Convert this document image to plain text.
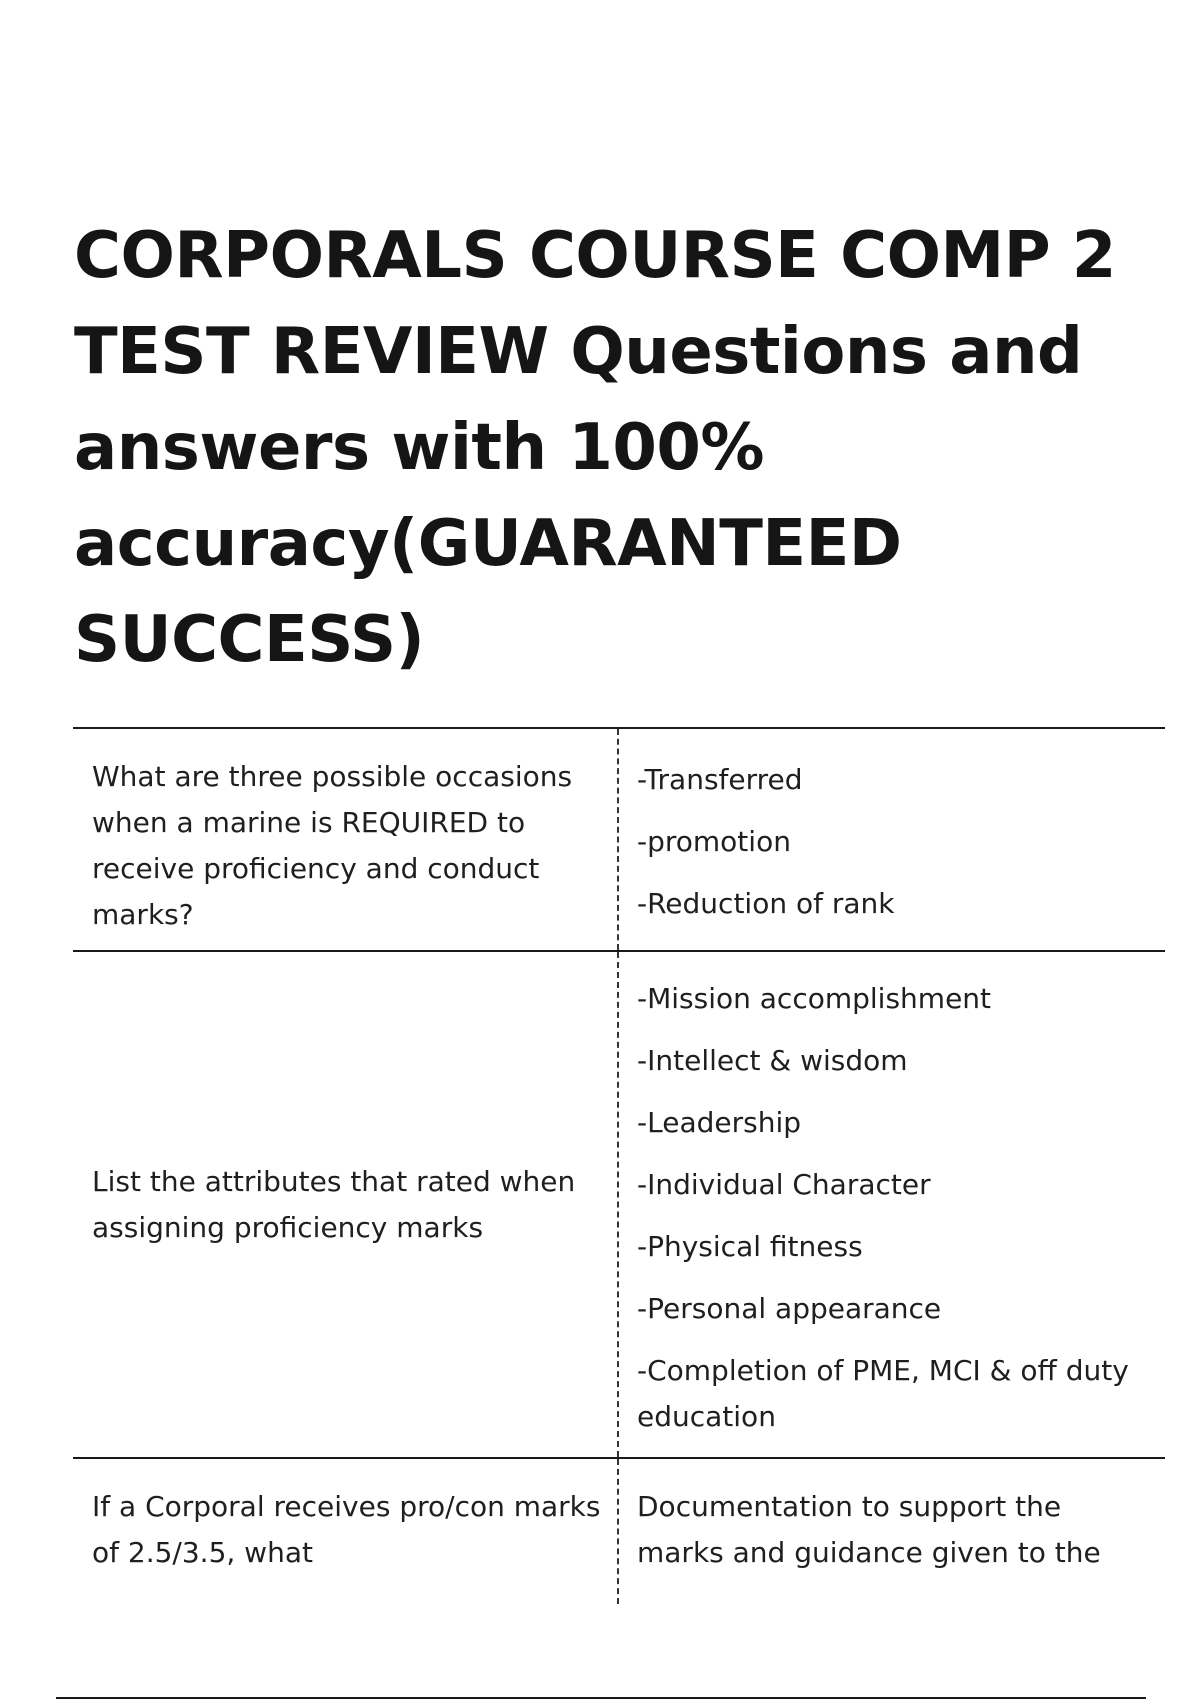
CORPORALS COURSE COMP 2
TEST REVIEW Questions and
answers with 100%
accuracy(GUARANTEED
SUCCESS)
What are three possible occasions when a marine is REQUIRED to receive proficiency and conduct marks?
-Transferred
-promotion
-Reduction of rank
List the attributes that rated when assigning proficiency marks
-Mission accomplishment
-Intellect & wisdom
-Leadership
-Individual Character
-Physical fitness
-Personal appearance
-Completion of PME, MCI & off duty education
If a Corporal receives pro/con marks of 2.5/3.5, what
Documentation to support the marks and guidance given to the
